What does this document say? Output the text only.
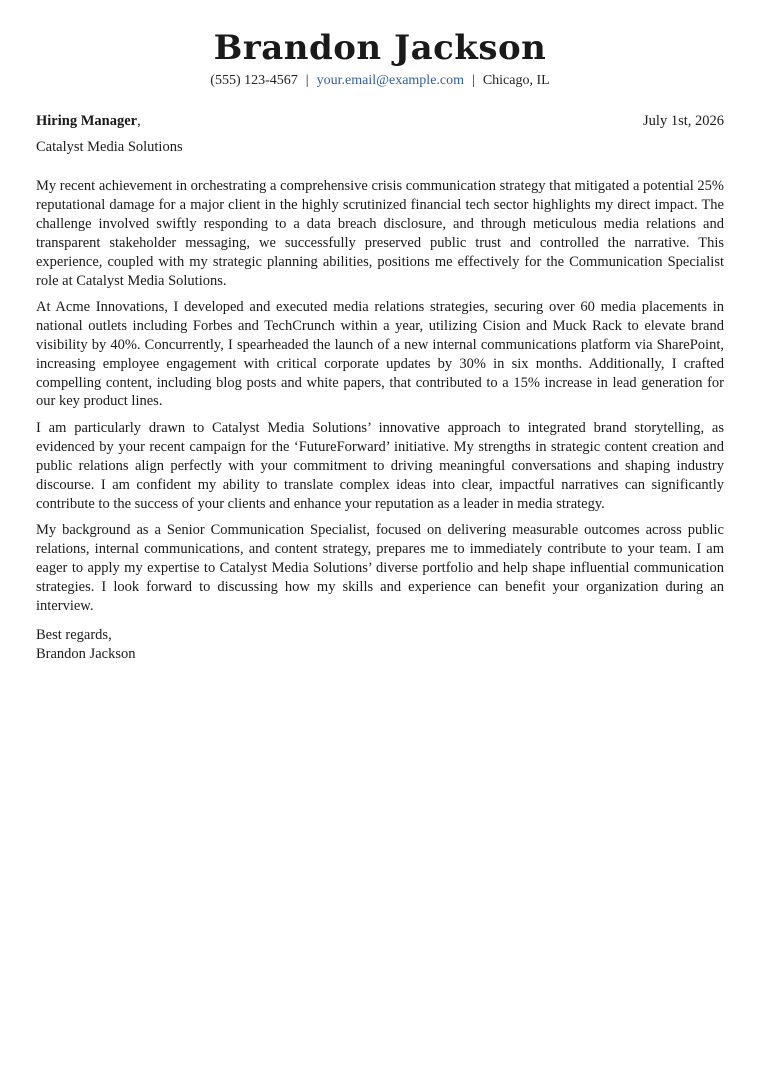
Brandon Jackson
(555) 123-4567 | your.email@example.com | Chicago, IL
Hiring Manager,	July 1st, 2026
Catalyst Media Solutions

My recent achievement in orchestrating a comprehensive crisis communication strategy that mitigated a potential 25% reputational damage for a major client in the highly scrutinized financial tech sector highlights my direct impact. The challenge involved swiftly responding to a data breach disclosure, and through meticulous media relations and transparent stakeholder messaging, we successfully preserved public trust and controlled the narrative. This experience, coupled with my strategic planning abilities, positions me effectively for the Communication Specialist role at Catalyst Media Solutions.

At Acme Innovations, I developed and executed media relations strategies, securing over 60 media placements in national outlets including Forbes and TechCrunch within a year, utilizing Cision and Muck Rack to elevate brand visibility by 40%. Concurrently, I spearheaded the launch of a new internal communications platform via SharePoint, increasing employee engagement with critical corporate updates by 30% in six months. Additionally, I crafted compelling content, including blog posts and white papers, that contributed to a 15% increase in lead generation for our key product lines.

I am particularly drawn to Catalyst Media Solutions’ innovative approach to integrated brand storytelling, as evidenced by your recent campaign for the ‘FutureForward’ initiative. My strengths in strategic content creation and public relations align perfectly with your commitment to driving meaningful conversations and shaping industry discourse. I am confident my ability to translate complex ideas into clear, impactful narratives can significantly contribute to the success of your clients and enhance your reputation as a leader in media strategy.

My background as a Senior Communication Specialist, focused on delivering measurable outcomes across public relations, internal communications, and content strategy, prepares me to immediately contribute to your team. I am eager to apply my expertise to Catalyst Media Solutions’ diverse portfolio and help shape influential communication strategies. I look forward to discussing how my skills and experience can benefit your organization during an interview.

Best regards,
Brandon Jackson
